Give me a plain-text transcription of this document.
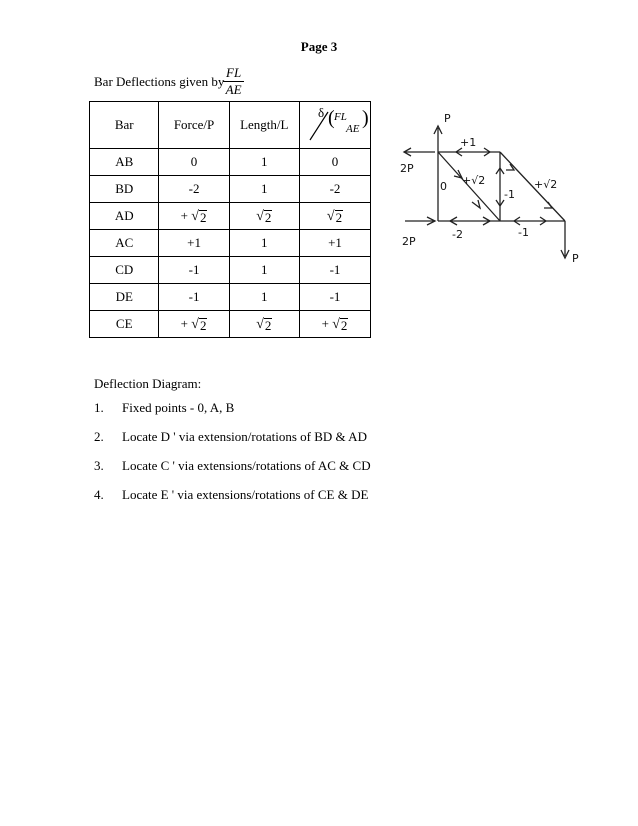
Page 3
Bar Deflections given by
$\frac{FL}{AE}$
Bar	Force/P	Length/L	δ ( FL
AE )

AB	0	1	0
BD	-2	1	-2
AD	+ √ 2	√ 2	√ 2

AC	+1	1	+1
CD	-1	1	-1
DE	-1	1	-1
CE	+ √ 2	√ 2	+ √ 2
P
2P
2P
P
+1
+√2
0
-1
-2	-1
+√2
Deflection Diagram:
1. Fixed points - 0, A, B
2. Locate D ' via extension/rotations of BD & AD
3. Locate C ' via extensions/rotations of AC & CD
4. Locate E ' via extensions/rotations of CE & DE
